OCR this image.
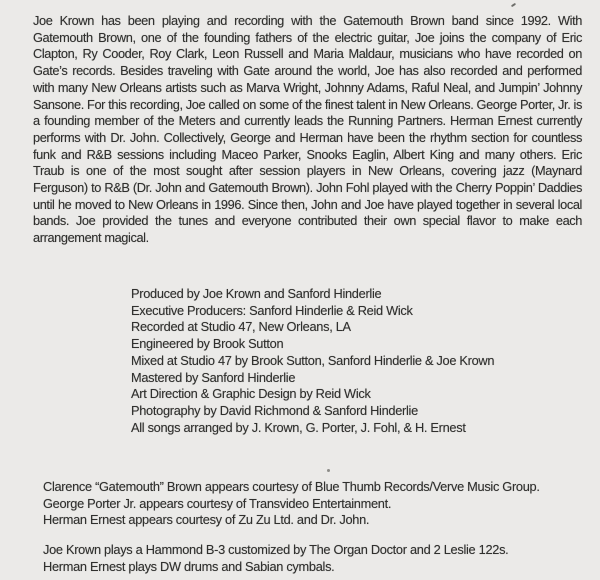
Joe Krown has been playing and recording with the Gatemouth Brown band since 1992. With Gatemouth Brown, one of the founding fathers of the electric guitar, Joe joins the company of Eric Clapton, Ry Cooder, Roy Clark, Leon Russell and Maria Maldaur, musicians who have recorded on Gate’s records. Besides traveling with Gate around the world, Joe has also recorded and performed with many New Orleans artists such as Marva Wright, Johnny Adams, Raful Neal, and Jumpin’ Johnny Sansone. For this recording, Joe called on some of the finest talent in New Orleans. George Porter, Jr. is a founding member of the Meters and currently leads the Running Partners. Herman Ernest currently performs with Dr. John. Collectively, George and Herman have been the rhythm section for countless funk and R&B sessions including Maceo Parker, Snooks Eaglin, Albert King and many others. Eric Traub is one of the most sought after session players in New Orleans, covering jazz (Maynard Ferguson) to R&B (Dr. John and Gatemouth Brown). John Fohl played with the Cherry Poppin’ Daddies until he moved to New Orleans in 1996. Since then, John and Joe have played together in several local bands. Joe provided the tunes and everyone contributed their own special flavor to make each arrangement magical.

Produced by Joe Krown and Sanford Hinderlie
Executive Producers: Sanford Hinderlie & Reid Wick
Recorded at Studio 47, New Orleans, LA
Engineered by Brook Sutton
Mixed at Studio 47 by Brook Sutton, Sanford Hinderlie & Joe Krown
Mastered by Sanford Hinderlie
Art Direction & Graphic Design by Reid Wick
Photography by David Richmond & Sanford Hinderlie
All songs arranged by J. Krown, G. Porter, J. Fohl, & H. Ernest
Clarence “Gatemouth” Brown appears courtesy of Blue Thumb Records/Verve Music Group.
George Porter Jr. appears courtesy of Transvideo Entertainment.
Herman Ernest appears courtesy of Zu Zu Ltd. and Dr. John.
Joe Krown plays a Hammond B-3 customized by The Organ Doctor and 2 Leslie 122s.
Herman Ernest plays DW drums and Sabian cymbals.
